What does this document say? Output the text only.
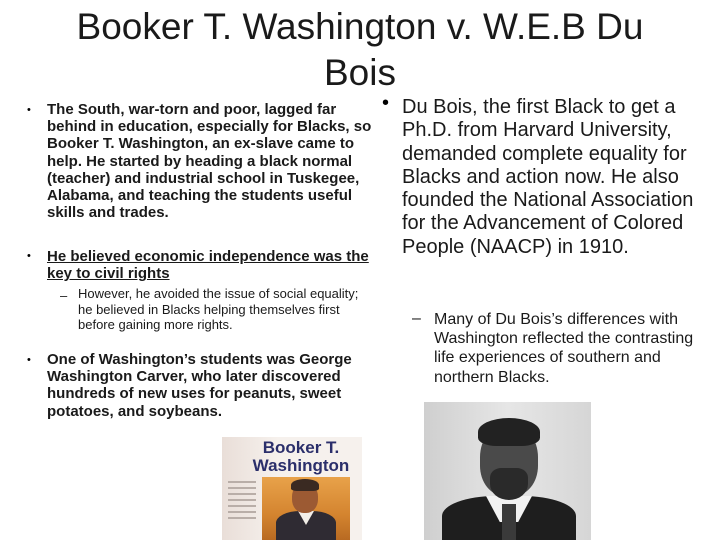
Booker T. Washington v. W.E.B Du Bois
• The South, war-torn and poor, lagged far behind in education, especially for Blacks, so Booker T. Washington, an ex-slave came to help. He started by heading a black normal (teacher) and industrial school in Tuskegee, Alabama, and teaching the students useful skills and trades.
• He believed economic independence was the key to civil rights
– However, he avoided the issue of social equality; he believed in Blacks helping themselves first before gaining more rights.
• One of Washington’s students was George Washington Carver, who later discovered hundreds of new uses for peanuts, sweet potatoes, and soybeans.
• Du Bois, the first Black to get a Ph.D. from Harvard University, demanded complete equality for Blacks and action now. He also founded the National Association for the Advancement of Colored People (NAACP) in 1910.
– Many of Du Bois’s differences with Washington reflected the contrasting life experiences of southern and northern Blacks.
Booker T. Washington
